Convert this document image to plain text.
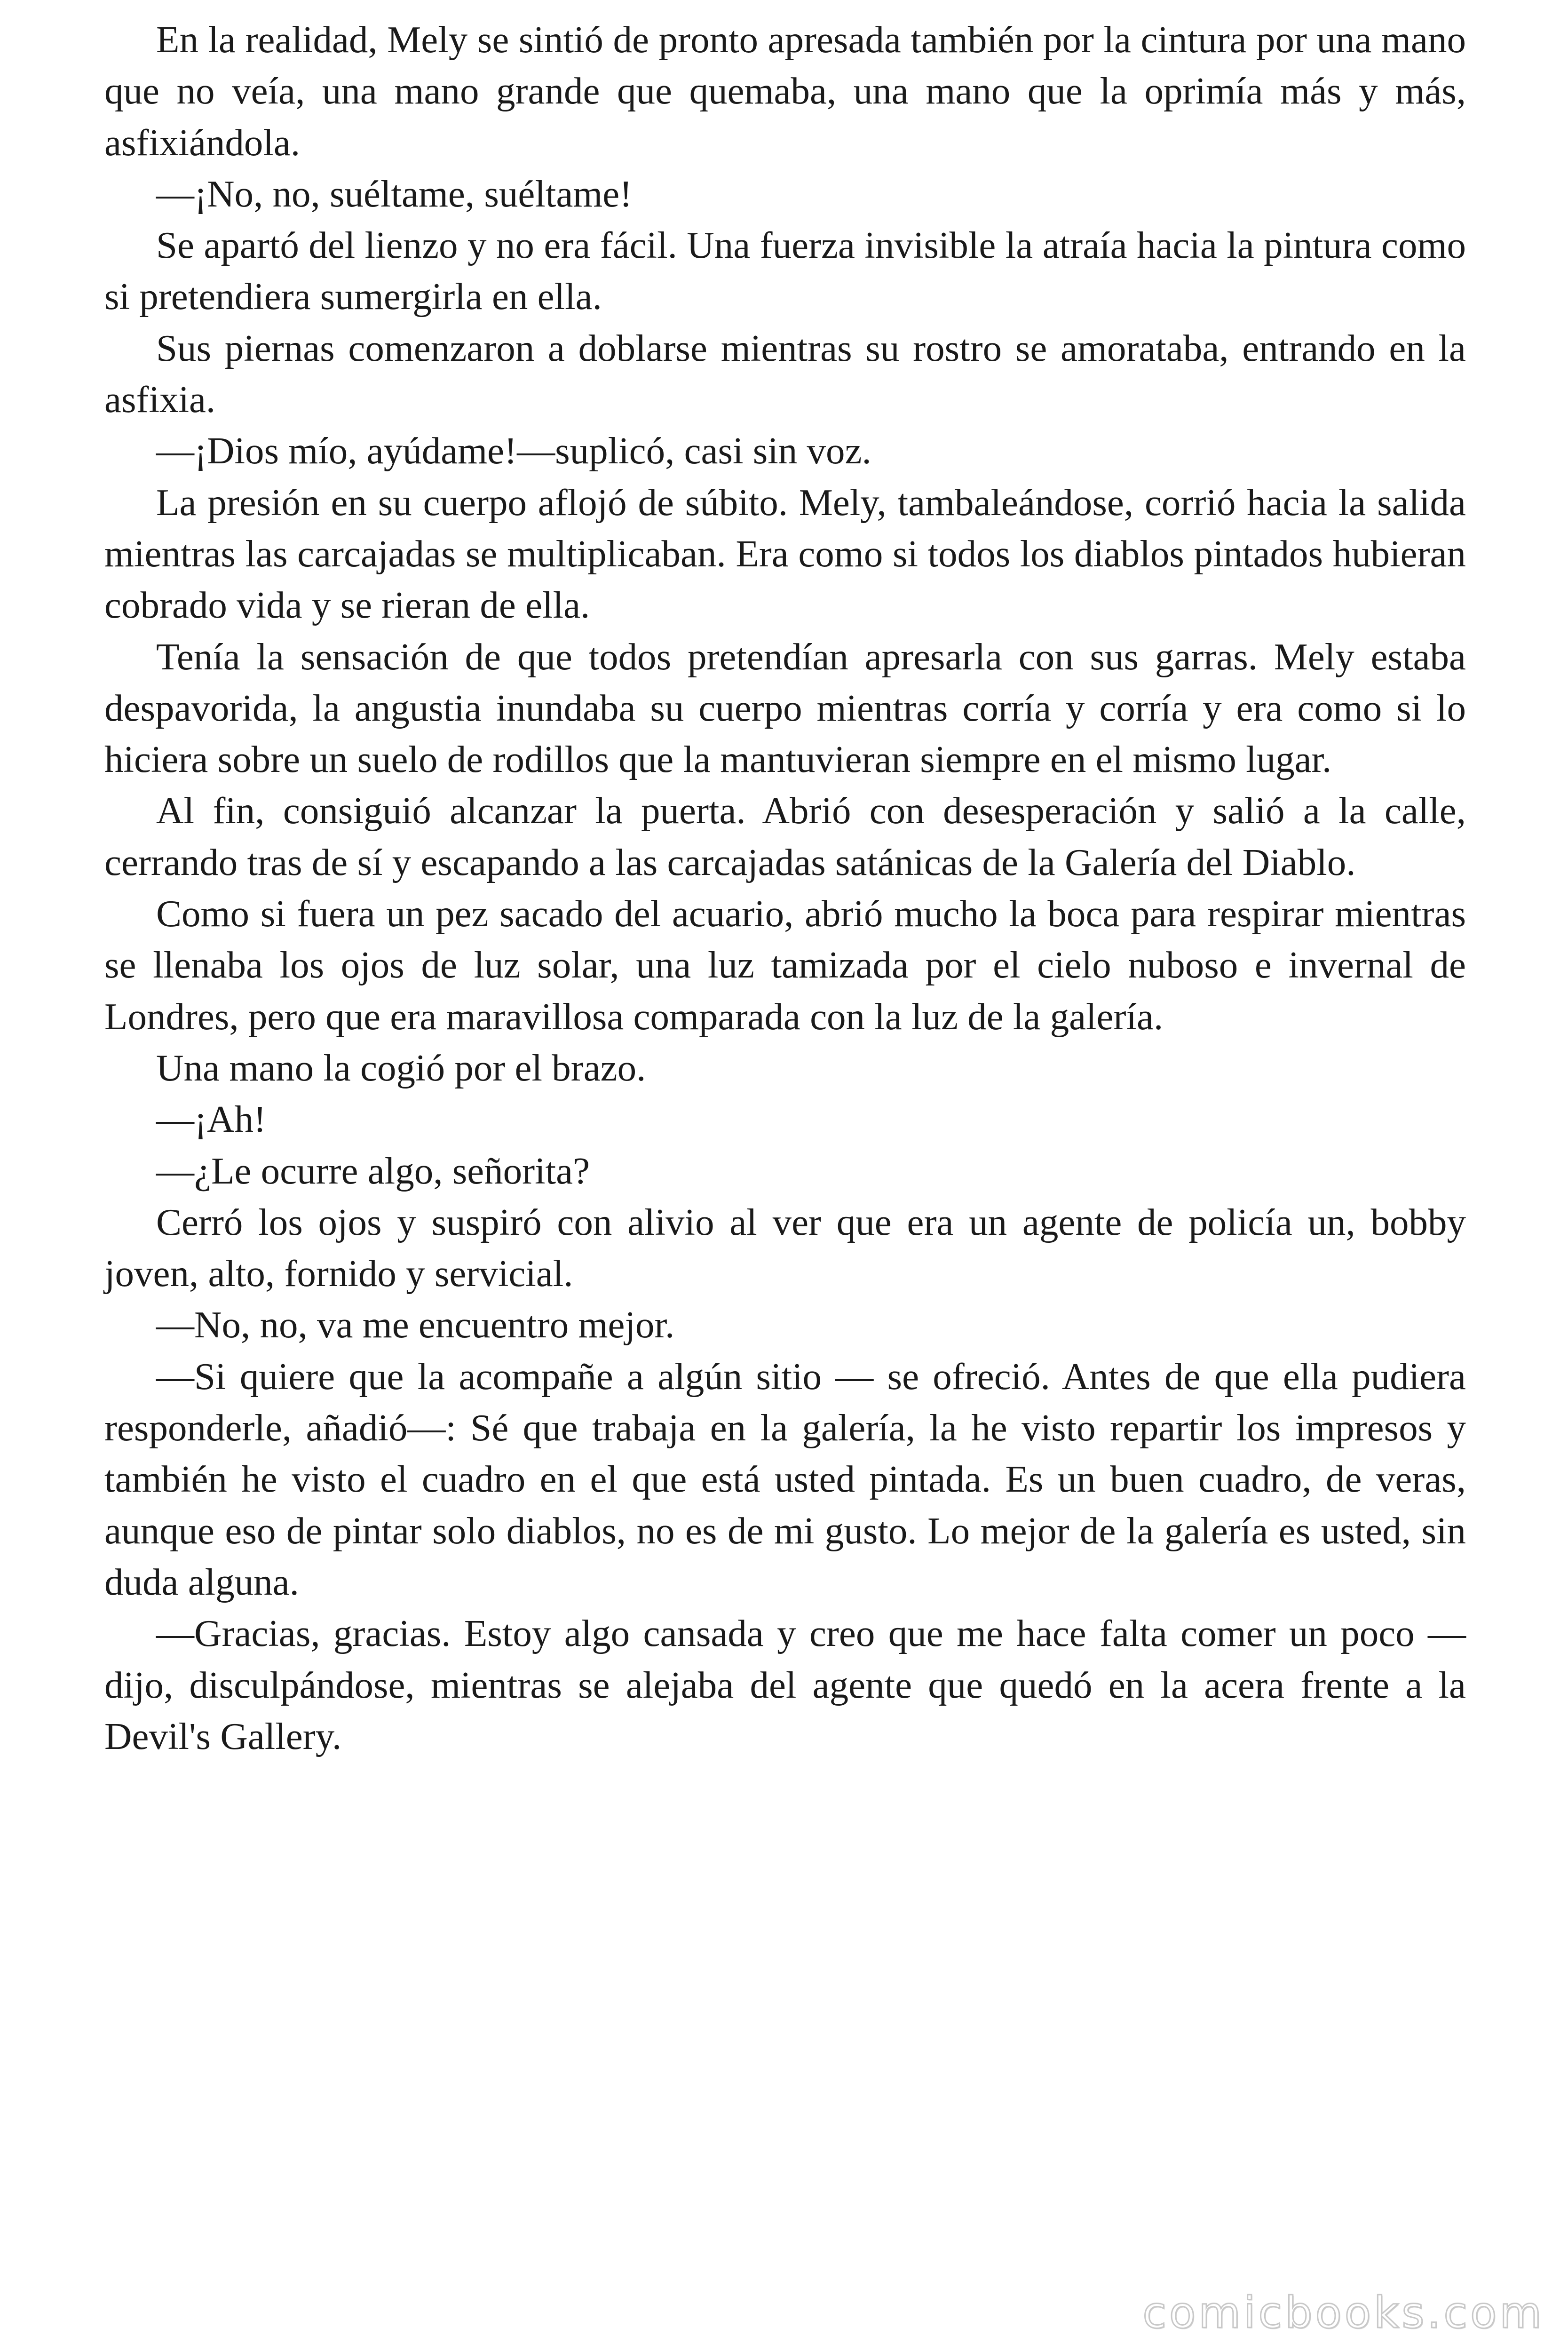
En la realidad, Mely se sintió de pronto apresada también por la cintura por una mano que no veía, una mano grande que quemaba, una mano que la oprimía más y más, asfixiándola.

—¡No, no, suéltame, suéltame!

Se apartó del lienzo y no era fácil. Una fuerza invisible la atraía hacia la pintura como si pretendiera sumergirla en ella.

Sus piernas comenzaron a doblarse mientras su rostro se amorataba, entrando en la asfixia.

—¡Dios mío, ayúdame!—suplicó, casi sin voz.

La presión en su cuerpo aflojó de súbito. Mely, tambaleándose, corrió hacia la salida mientras las carcajadas se multiplicaban. Era como si todos los diablos pintados hubieran cobrado vida y se rieran de ella.

Tenía la sensación de que todos pretendían apresarla con sus garras. Mely estaba despavorida, la angustia inundaba su cuerpo mientras corría y corría y era como si lo hiciera sobre un suelo de rodillos que la mantuvieran siempre en el mismo lugar.

Al fin, consiguió alcanzar la puerta. Abrió con desesperación y salió a la calle, cerrando tras de sí y escapando a las carcajadas satánicas de la Galería del Diablo.

Como si fuera un pez sacado del acuario, abrió mucho la boca para respirar mientras se llenaba los ojos de luz solar, una luz tamizada por el cielo nuboso e invernal de Londres, pero que era maravillosa comparada con la luz de la galería.

Una mano la cogió por el brazo.

—¡Ah!

—¿Le ocurre algo, señorita?

Cerró los ojos y suspiró con alivio al ver que era un agente de policía un, bobby joven, alto, fornido y servicial.

—No, no, va me encuentro mejor.

—Si quiere que la acompañe a algún sitio — se ofreció. Antes de que ella pudiera responderle, añadió—: Sé que trabaja en la galería, la he visto repartir los impresos y también he visto el cuadro en el que está usted pintada. Es un buen cuadro, de veras, aunque eso de pintar solo diablos, no es de mi gusto. Lo mejor de la galería es usted, sin duda alguna.

—Gracias, gracias. Estoy algo cansada y creo que me hace falta comer un poco —dijo, disculpándose, mientras se alejaba del agente que quedó en la acera frente a la Devil's Gallery.

comicbooks.com
